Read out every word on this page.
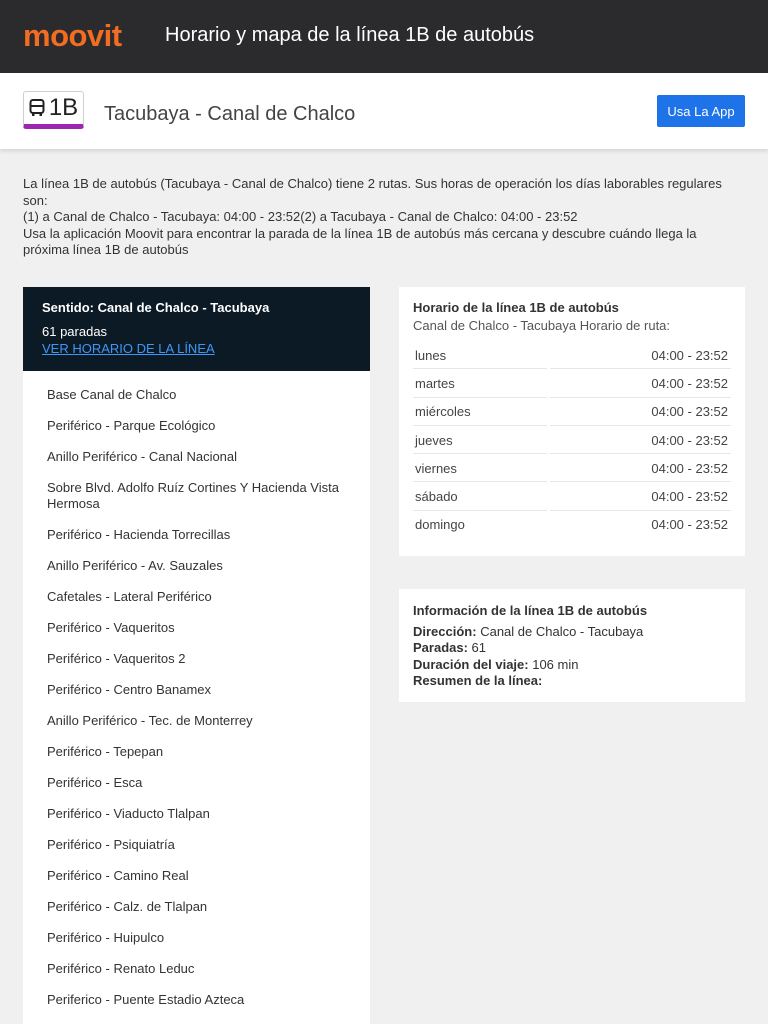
moovit Horario y mapa de la línea 1B de autobús
1B Tacubaya - Canal de Chalco	Usa La App

La línea 1B de autobús (Tacubaya - Canal de Chalco) tiene 2 rutas. Sus horas de operación los días laborables regulares son:

(1) a Canal de Chalco - Tacubaya: 04:00 - 23:52(2) a Tacubaya - Canal de Chalco: 04:00 - 23:52

Usa la aplicación Moovit para encontrar la parada de la línea 1B de autobús más cercana y descubre cuándo llega la próxima línea 1B de autobús

Sentido: Canal de Chalco - Tacubaya
61 paradas
VER HORARIO DE LA LÍNEA
Base Canal de Chalco
Periférico - Parque Ecológico
Anillo Periférico - Canal Nacional
Sobre Blvd. Adolfo Ruíz Cortines Y Hacienda Vista Hermosa
Periférico - Hacienda Torrecillas
Anillo Periférico - Av. Sauzales
Cafetales - Lateral Periférico
Periférico - Vaqueritos
Periférico - Vaqueritos 2
Periférico - Centro Banamex
Anillo Periférico - Tec. de Monterrey
Periférico - Tepepan
Periférico - Esca
Periférico - Viaducto Tlalpan
Periférico - Psiquiatría
Periférico - Camino Real
Periférico - Calz. de Tlalpan
Periférico - Huipulco
Periférico - Renato Leduc
Periferico - Puente Estadio Azteca
Horario de la línea 1B de autobús
Canal de Chalco - Tacubaya Horario de ruta:
lunes	04:00 - 23:52
martes	04:00 - 23:52
miércoles	04:00 - 23:52
jueves	04:00 - 23:52
viernes	04:00 - 23:52
sábado	04:00 - 23:52
domingo	04:00 - 23:52
Información de la línea 1B de autobús
Dirección: Canal de Chalco - Tacubaya
Paradas: 61
Duración del viaje: 106 min
Resumen de la línea:
